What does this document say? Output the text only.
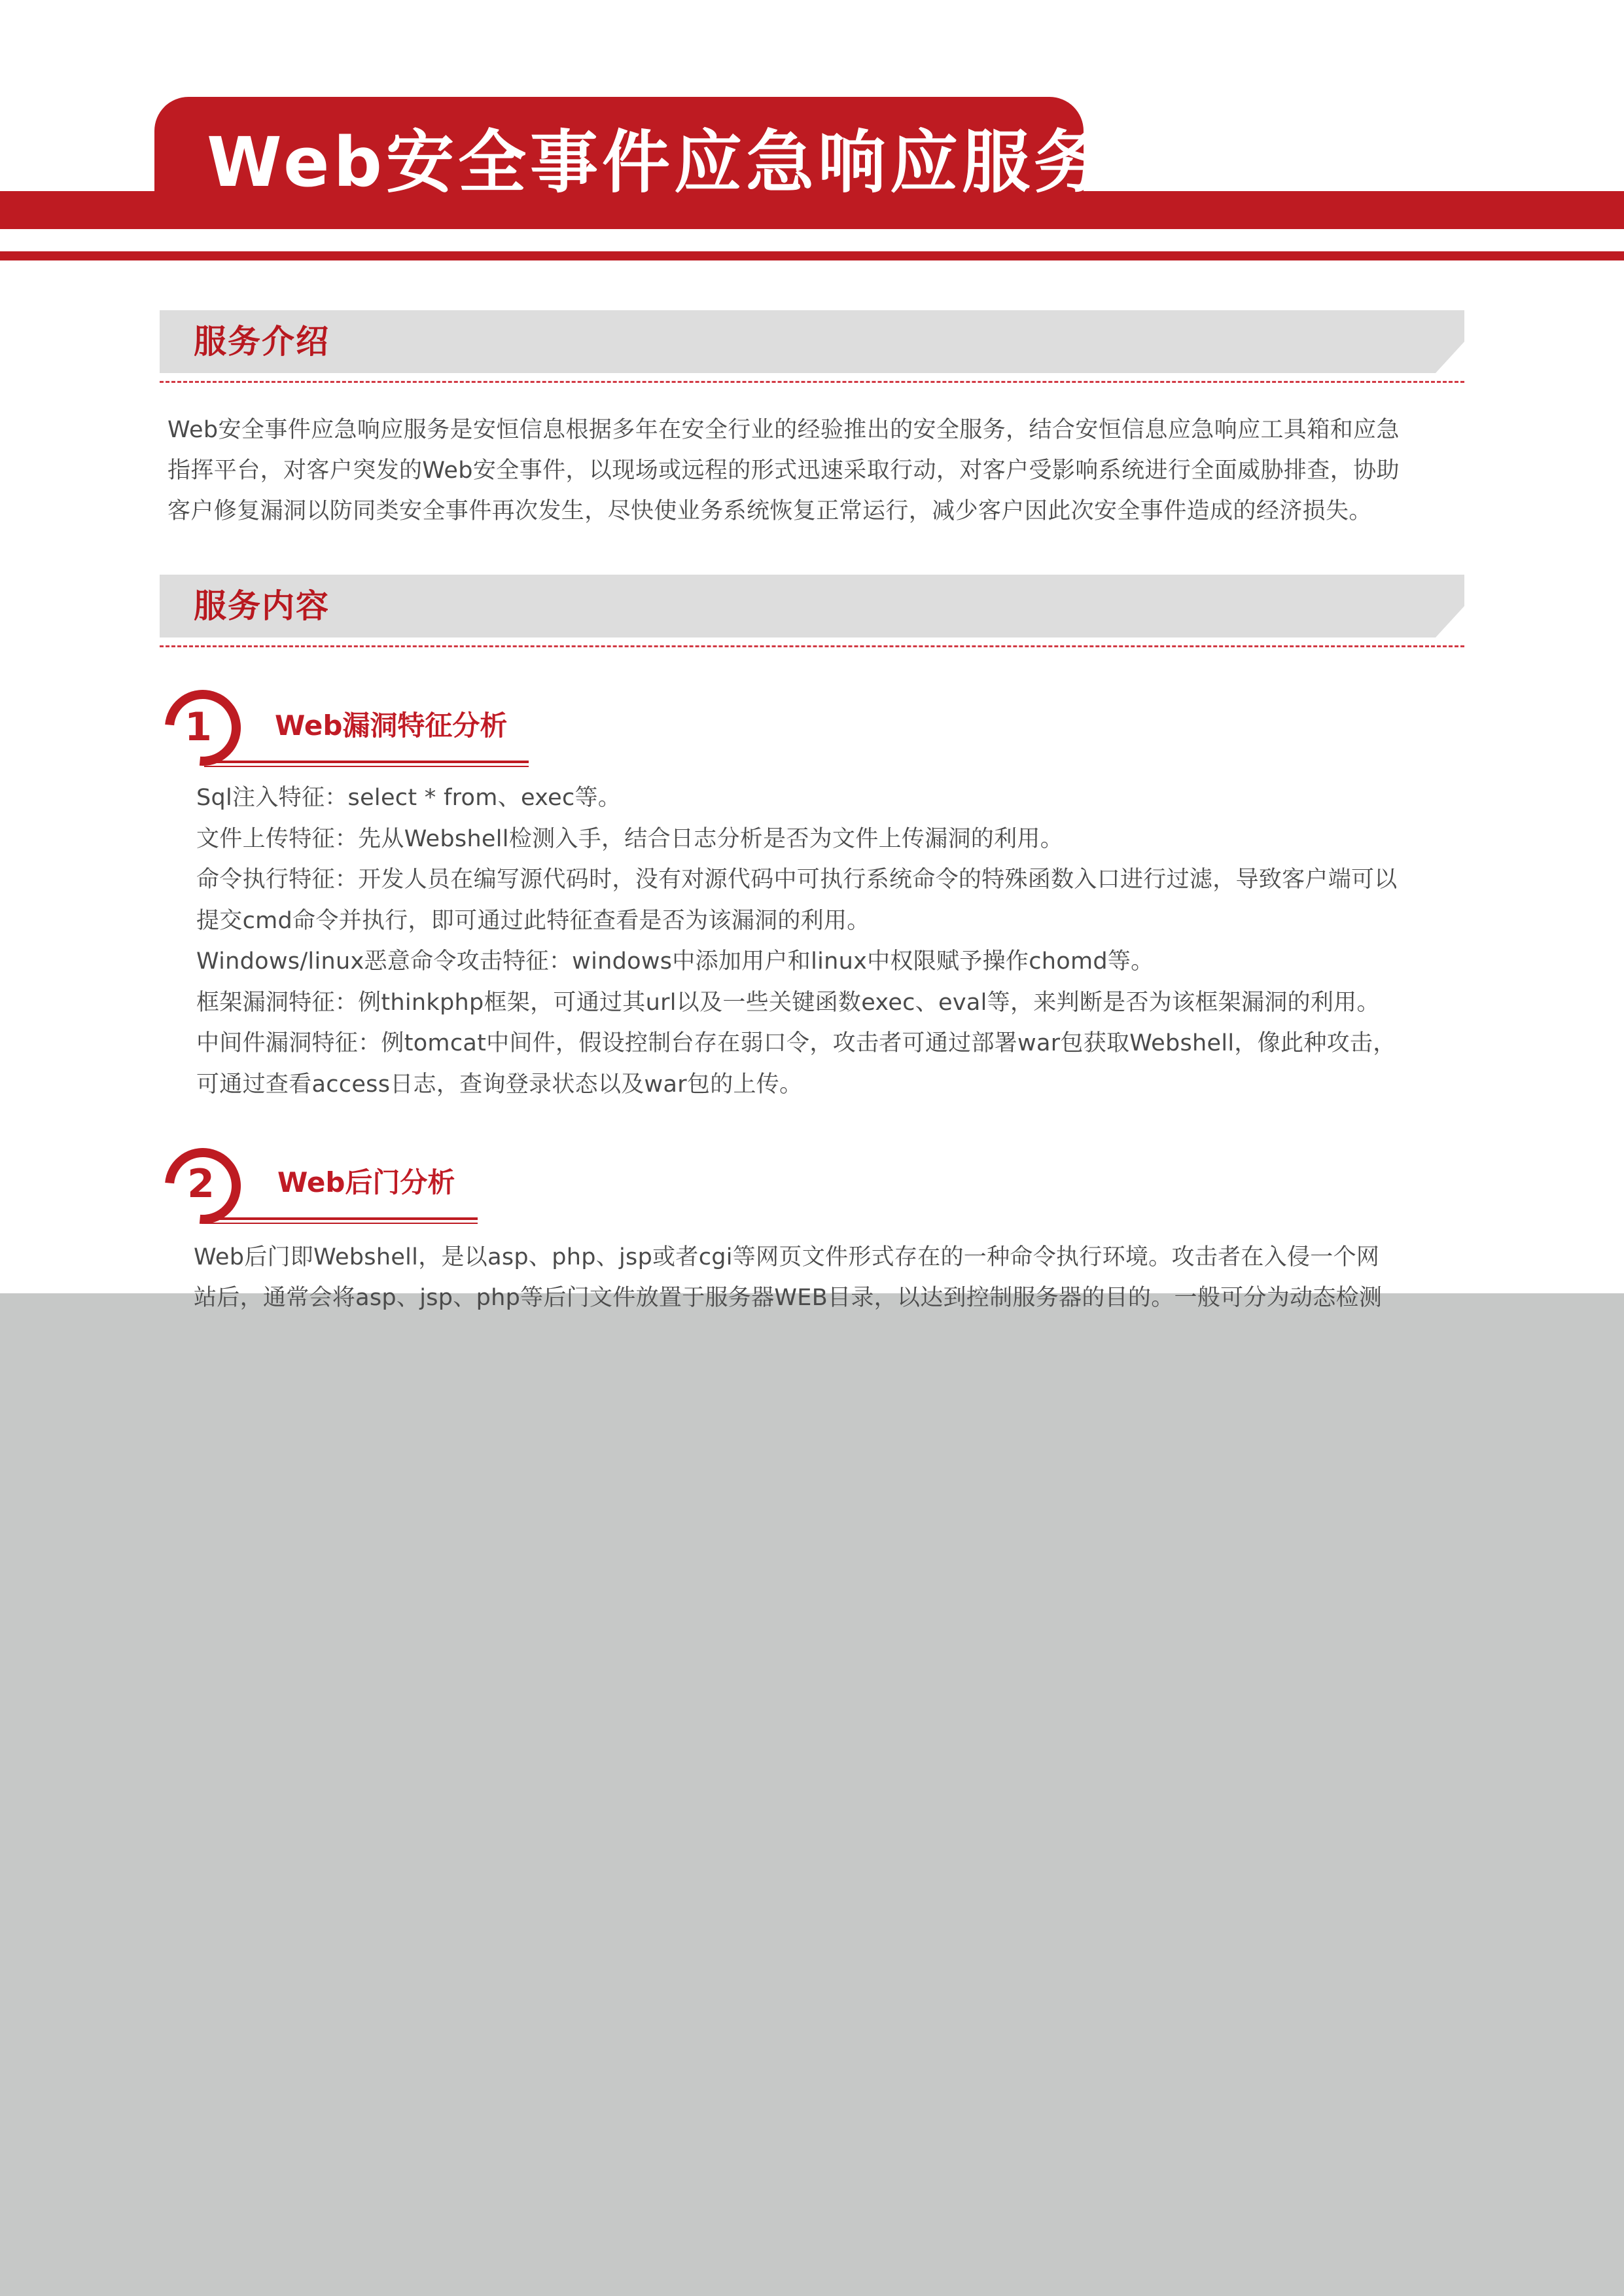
Web安全事件应急响应服务
服务介绍

Web安全事件应急响应服务是安恒信息根据多年在安全行业的经验推出的安全服务，结合安恒信息应急响应工具箱和应急
指挥平台，对客户突发的Web安全事件，以现场或远程的形式迅速采取行动，对客户受影响系统进行全面威胁排查，协助
客户修复漏洞以防同类安全事件再次发生，尽快使业务系统恢复正常运行，减少客户因此次安全事件造成的经济损失。

服务内容
1	Web漏洞特征分析
Sql注入特征：select * from、exec等。
文件上传特征：先从Webshell检测入手，结合日志分析是否为文件上传漏洞的利用。
命令执行特征：开发人员在编写源代码时，没有对源代码中可执行系统命令的特殊函数入口进行过滤，导致客户端可以
提交cmd命令并执行，即可通过此特征查看是否为该漏洞的利用。
Windows/linux恶意命令攻击特征：windows中添加用户和linux中权限赋予操作chomd等。
框架漏洞特征：例thinkphp框架，可通过其url以及一些关键函数exec、eval等，来判断是否为该框架漏洞的利用。
中间件漏洞特征：例tomcat中间件，假设控制台存在弱口令，攻击者可通过部署war包获取Webshell，像此种攻击，
可通过查看access日志，查询登录状态以及war包的上传。
2	Web后门分析

Web后门即Webshell，是以asp、php、jsp或者cgi等网页文件形式存在的一种命令执行环境。攻击者在入侵一个网
站后，通常会将asp、jsp、php等后门文件放置于服务器WEB目录，以达到控制服务器的目的。一般可分为动态检测
